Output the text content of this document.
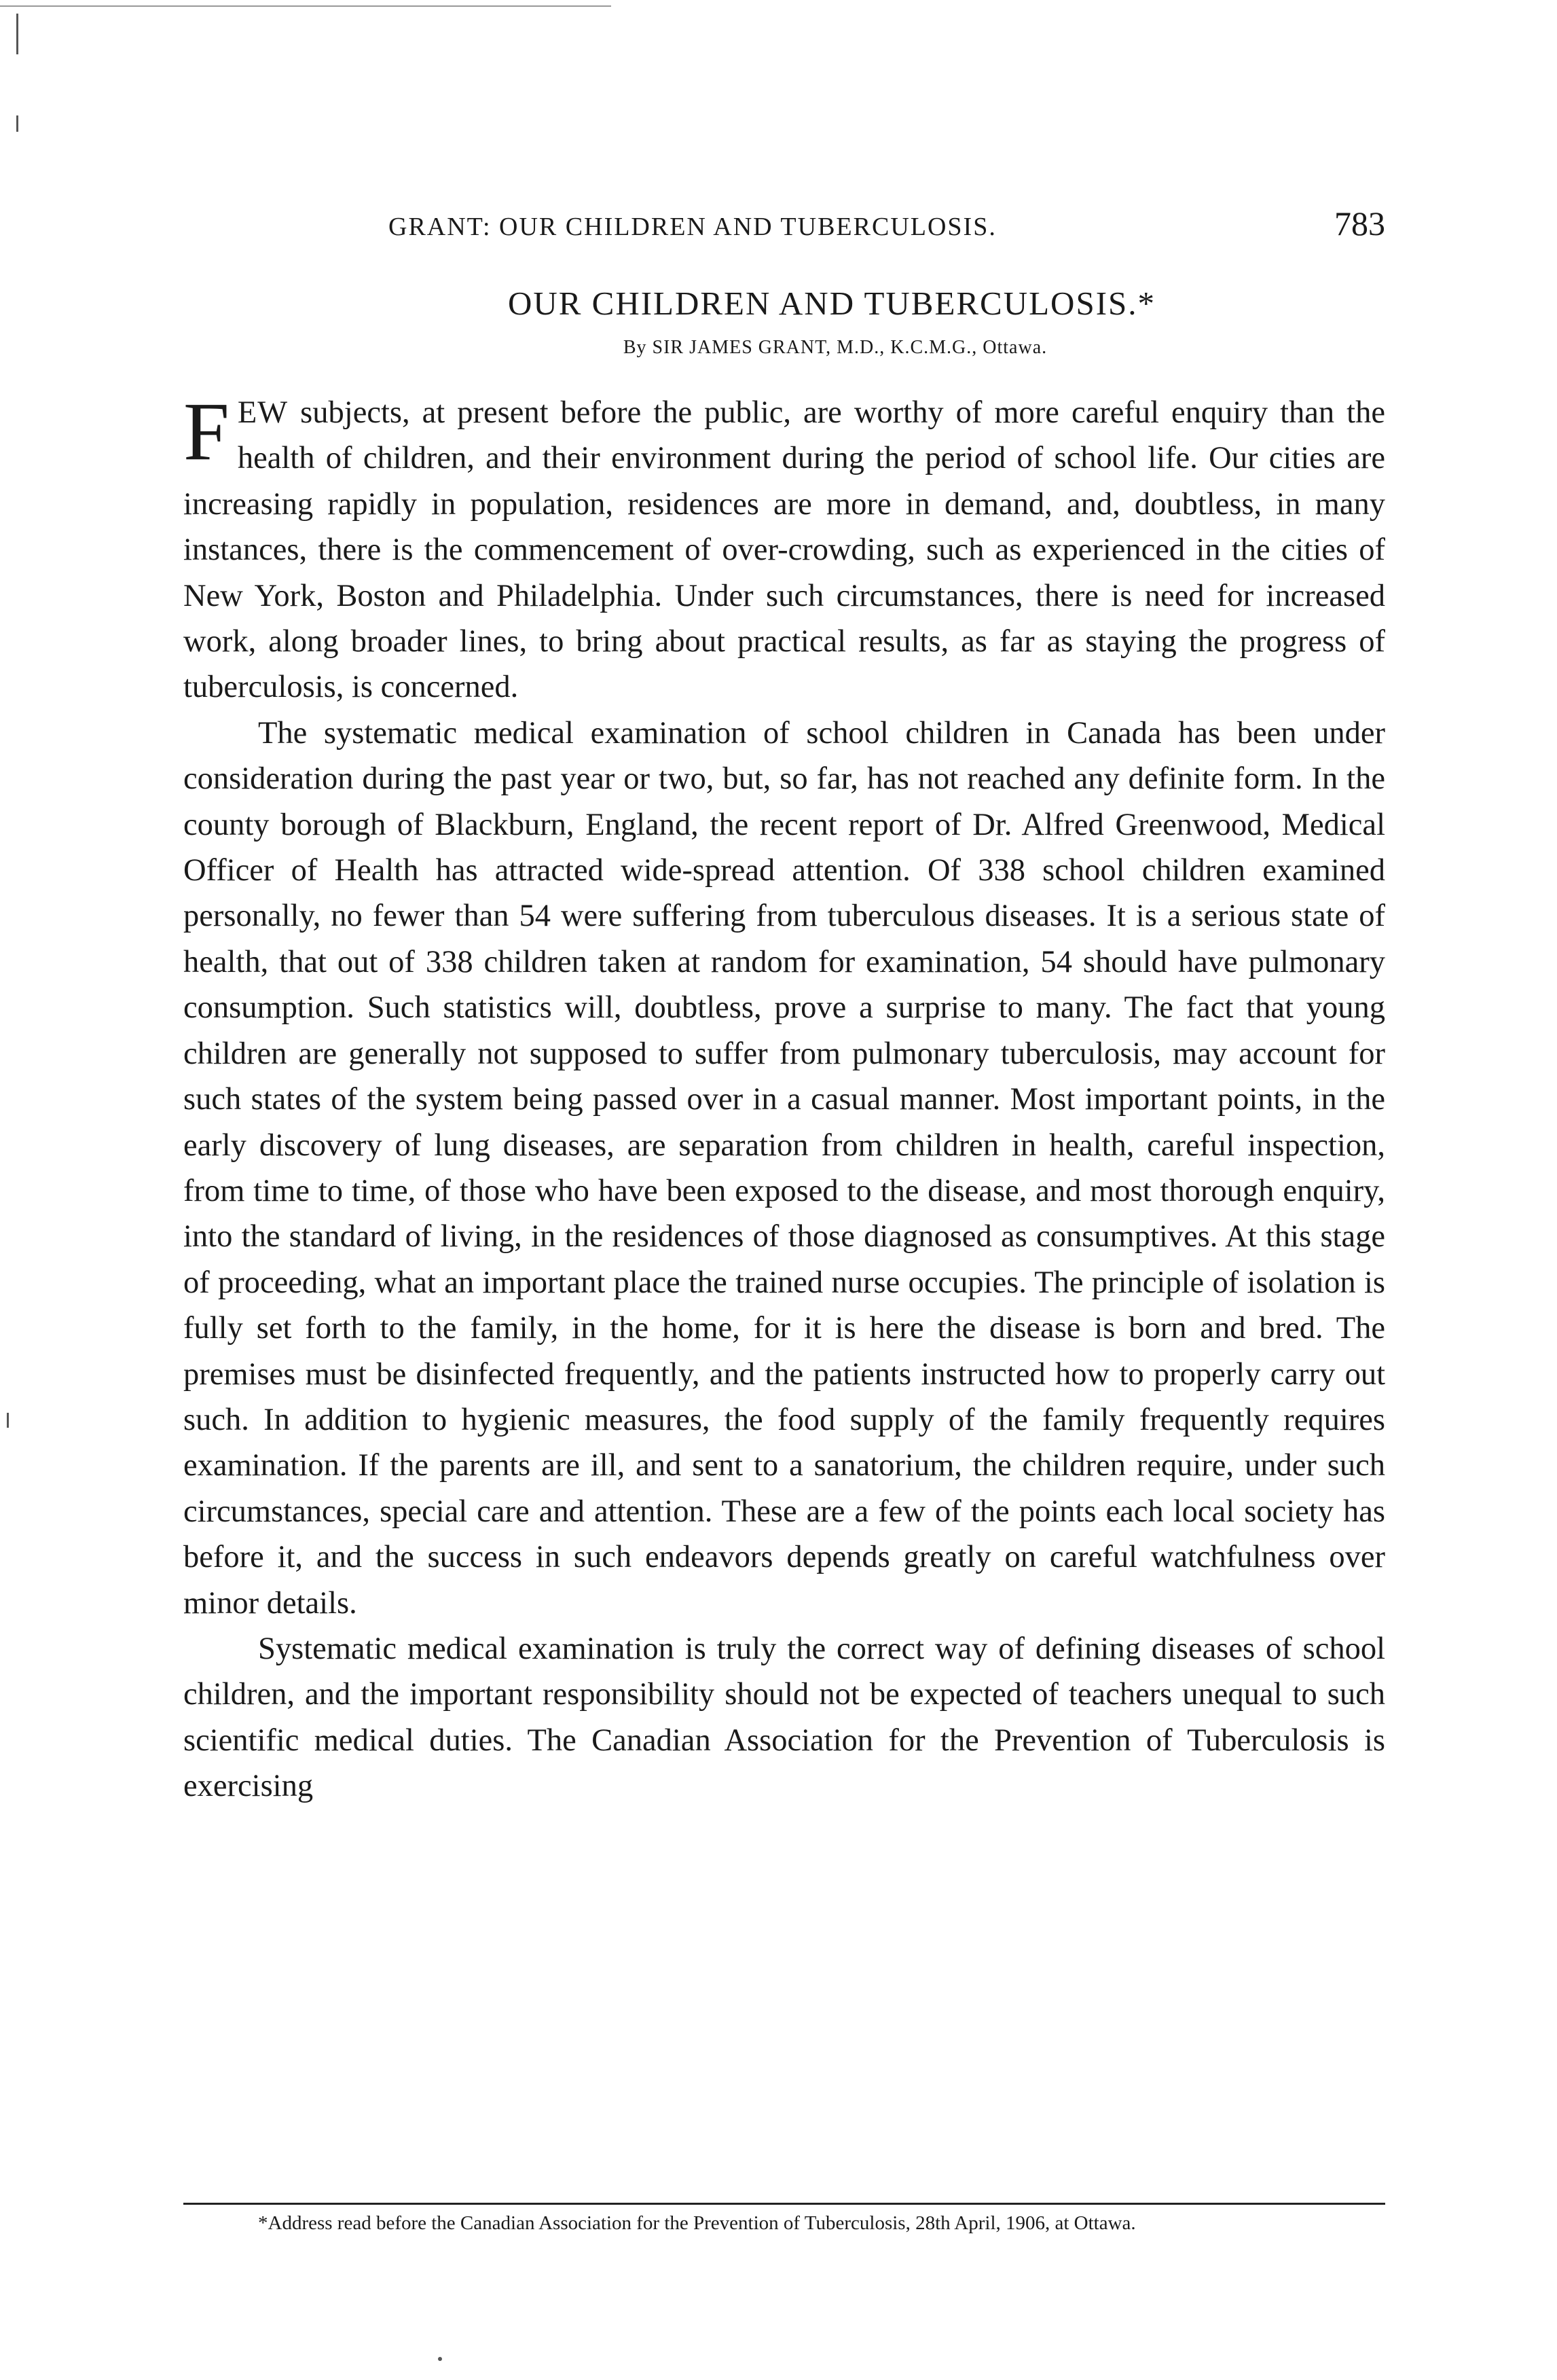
GRANT: OUR CHILDREN AND TUBERCULOSIS.	783
OUR CHILDREN AND TUBERCULOSIS.*
By SIR JAMES GRANT, M.D., K.C.M.G., Ottawa.

FEW subjects, at present before the public, are worthy of more careful enquiry than the health of children, and their environment during the period of school life. Our cities are increasing rapidly in population, residences are more in demand, and, doubtless, in many instances, there is the commencement of over-crowding, such as experienced in the cities of New York, Boston and Philadelphia. Under such circumstances, there is need for increased work, along broader lines, to bring about practical results, as far as staying the progress of tuberculosis, is concerned.

The systematic medical examination of school children in Canada has been under consideration during the past year or two, but, so far, has not reached any definite form. In the county borough of Blackburn, England, the recent report of Dr. Alfred Greenwood, Medical Officer of Health has attracted wide-spread attention. Of 338 school children examined personally, no fewer than 54 were suffering from tuberculous diseases. It is a serious state of health, that out of 338 children taken at random for examination, 54 should have pulmonary consumption. Such statistics will, doubtless, prove a surprise to many. The fact that young children are generally not supposed to suffer from pulmonary tuberculosis, may account for such states of the system being passed over in a casual manner. Most important points, in the early discovery of lung diseases, are separation from children in health, careful inspection, from time to time, of those who have been exposed to the disease, and most thorough enquiry, into the standard of living, in the residences of those diagnosed as consumptives. At this stage of proceeding, what an important place the trained nurse occupies. The principle of isolation is fully set forth to the family, in the home, for it is here the disease is born and bred. The premises must be disinfected frequently, and the patients instructed how to properly carry out such. In addition to hygienic measures, the food supply of the family frequently requires examination. If the parents are ill, and sent to a sanatorium, the children require, under such circumstances, special care and attention. These are a few of the points each local society has before it, and the success in such endeavors depends greatly on careful watchfulness over minor details.

Systematic medical examination is truly the correct way of defining diseases of school children, and the important responsibility should not be expected of teachers unequal to such scientific medical duties. The Canadian Association for the Prevention of Tuberculosis is exercising

*Address read before the Canadian Association for the Prevention of Tuberculosis, 28th April, 1906, at Ottawa.
